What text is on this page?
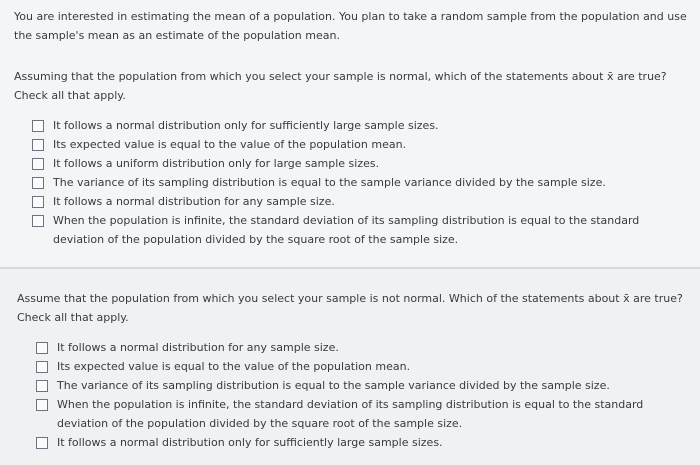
You are interested in estimating the mean of a population. You plan to take a random sample from the population and use the sample's mean as an estimate of the population mean.

Assuming that the population from which you select your sample is normal, which of the statements about x̄ are true? Check all that apply.

It follows a normal distribution only for sufficiently large sample sizes.
Its expected value is equal to the value of the population mean.
It follows a uniform distribution only for large sample sizes.
The variance of its sampling distribution is equal to the sample variance divided by the sample size.
It follows a normal distribution for any sample size.
When the population is infinite, the standard deviation of its sampling distribution is equal to the standard deviation of the population divided by the square root of the sample size.

Assume that the population from which you select your sample is not normal. Which of the statements about x̄ are true? Check all that apply.

It follows a normal distribution for any sample size.
Its expected value is equal to the value of the population mean.
The variance of its sampling distribution is equal to the sample variance divided by the sample size.
When the population is infinite, the standard deviation of its sampling distribution is equal to the standard deviation of the population divided by the square root of the sample size.
It follows a normal distribution only for sufficiently large sample sizes.
